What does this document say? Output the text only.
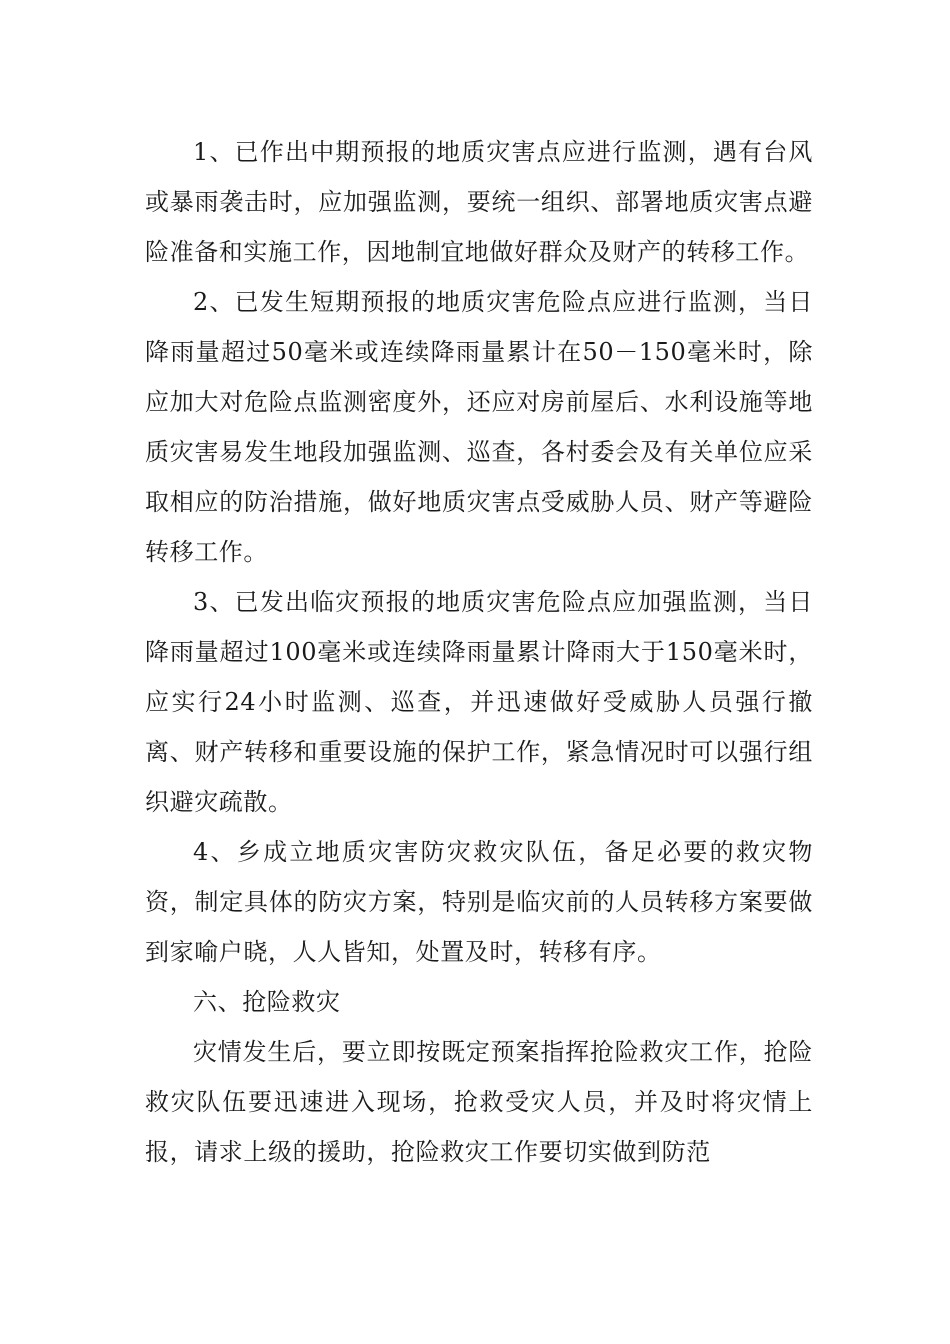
1、已作出中期预报的地质灾害点应进行监测，遇有台风或暴雨袭击时，应加强监测，要统一组织、部署地质灾害点避险准备和实施工作，因地制宜地做好群众及财产的转移工作。

2、已发生短期预报的地质灾害危险点应进行监测，当日降雨量超过50毫米或连续降雨量累计在50－150毫米时，除应加大对危险点监测密度外，还应对房前屋后、水利设施等地质灾害易发生地段加强监测、巡查，各村委会及有关单位应采取相应的防治措施，做好地质灾害点受威胁人员、财产等避险转移工作。

3、已发出临灾预报的地质灾害危险点应加强监测，当日降雨量超过100毫米或连续降雨量累计降雨大于150毫米时，应实行24小时监测、巡查，并迅速做好受威胁人员强行撤离、财产转移和重要设施的保护工作，紧急情况时可以强行组织避灾疏散。

4、乡成立地质灾害防灾救灾队伍，备足必要的救灾物资，制定具体的防灾方案，特别是临灾前的人员转移方案要做到家喻户晓，人人皆知，处置及时，转移有序。

六、抢险救灾

灾情发生后，要立即按既定预案指挥抢险救灾工作，抢险救灾队伍要迅速进入现场，抢救受灾人员，并及时将灾情上报，请求上级的援助，抢险救灾工作要切实做到防范
